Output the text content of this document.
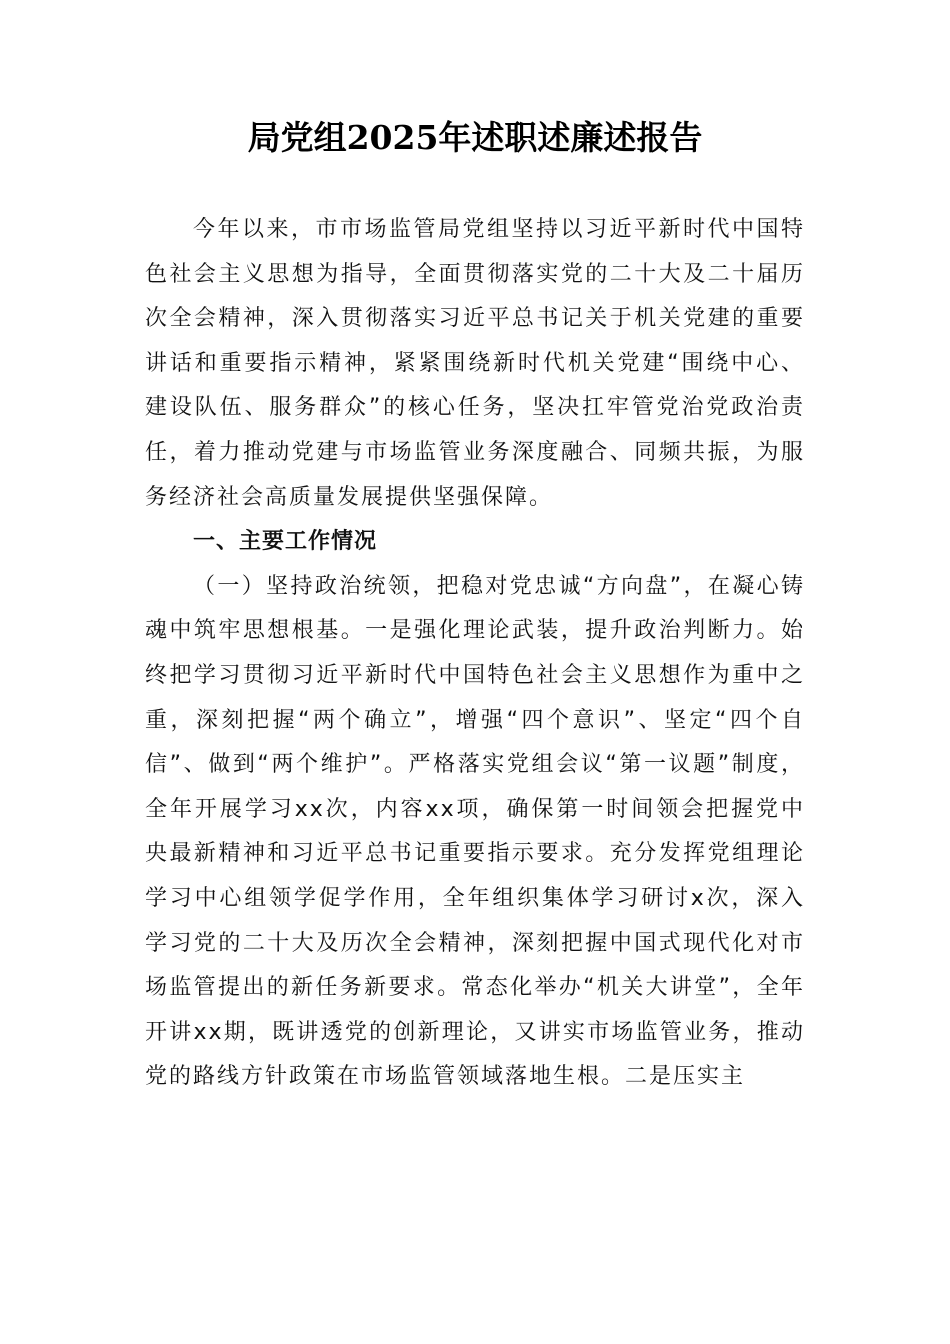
局党组2025年述职述廉述报告

今年以来，市市场监管局党组坚持以习近平新时代中国特色社会主义思想为指导，全面贯彻落实党的二十大及二十届历次全会精神，深入贯彻落实习近平总书记关于机关党建的重要讲话和重要指示精神，紧紧围绕新时代机关党建“围绕中心、建设队伍、服务群众”的核心任务，坚决扛牢管党治党政治责任，着力推动党建与市场监管业务深度融合、同频共振，为服务经济社会高质量发展提供坚强保障。

一、主要工作情况

（一）坚持政治统领，把稳对党忠诚“方向盘”，在凝心铸魂中筑牢思想根基。一是强化理论武装，提升政治判断力。始终把学习贯彻习近平新时代中国特色社会主义思想作为重中之重，深刻把握“两个确立”，增强“四个意识”、坚定“四个自信”、做到“两个维护”。严格落实党组会议“第一议题”制度，全年开展学习xx次，内容xx项，确保第一时间领会把握党中央最新精神和习近平总书记重要指示要求。充分发挥党组理论学习中心组领学促学作用，全年组织集体学习研讨x次，深入学习党的二十大及历次全会精神，深刻把握中国式现代化对市场监管提出的新任务新要求。常态化举办“机关大讲堂”，全年开讲xx期，既讲透党的创新理论，又讲实市场监管业务，推动党的路线方针政策在市场监管领域落地生根。二是压实主
